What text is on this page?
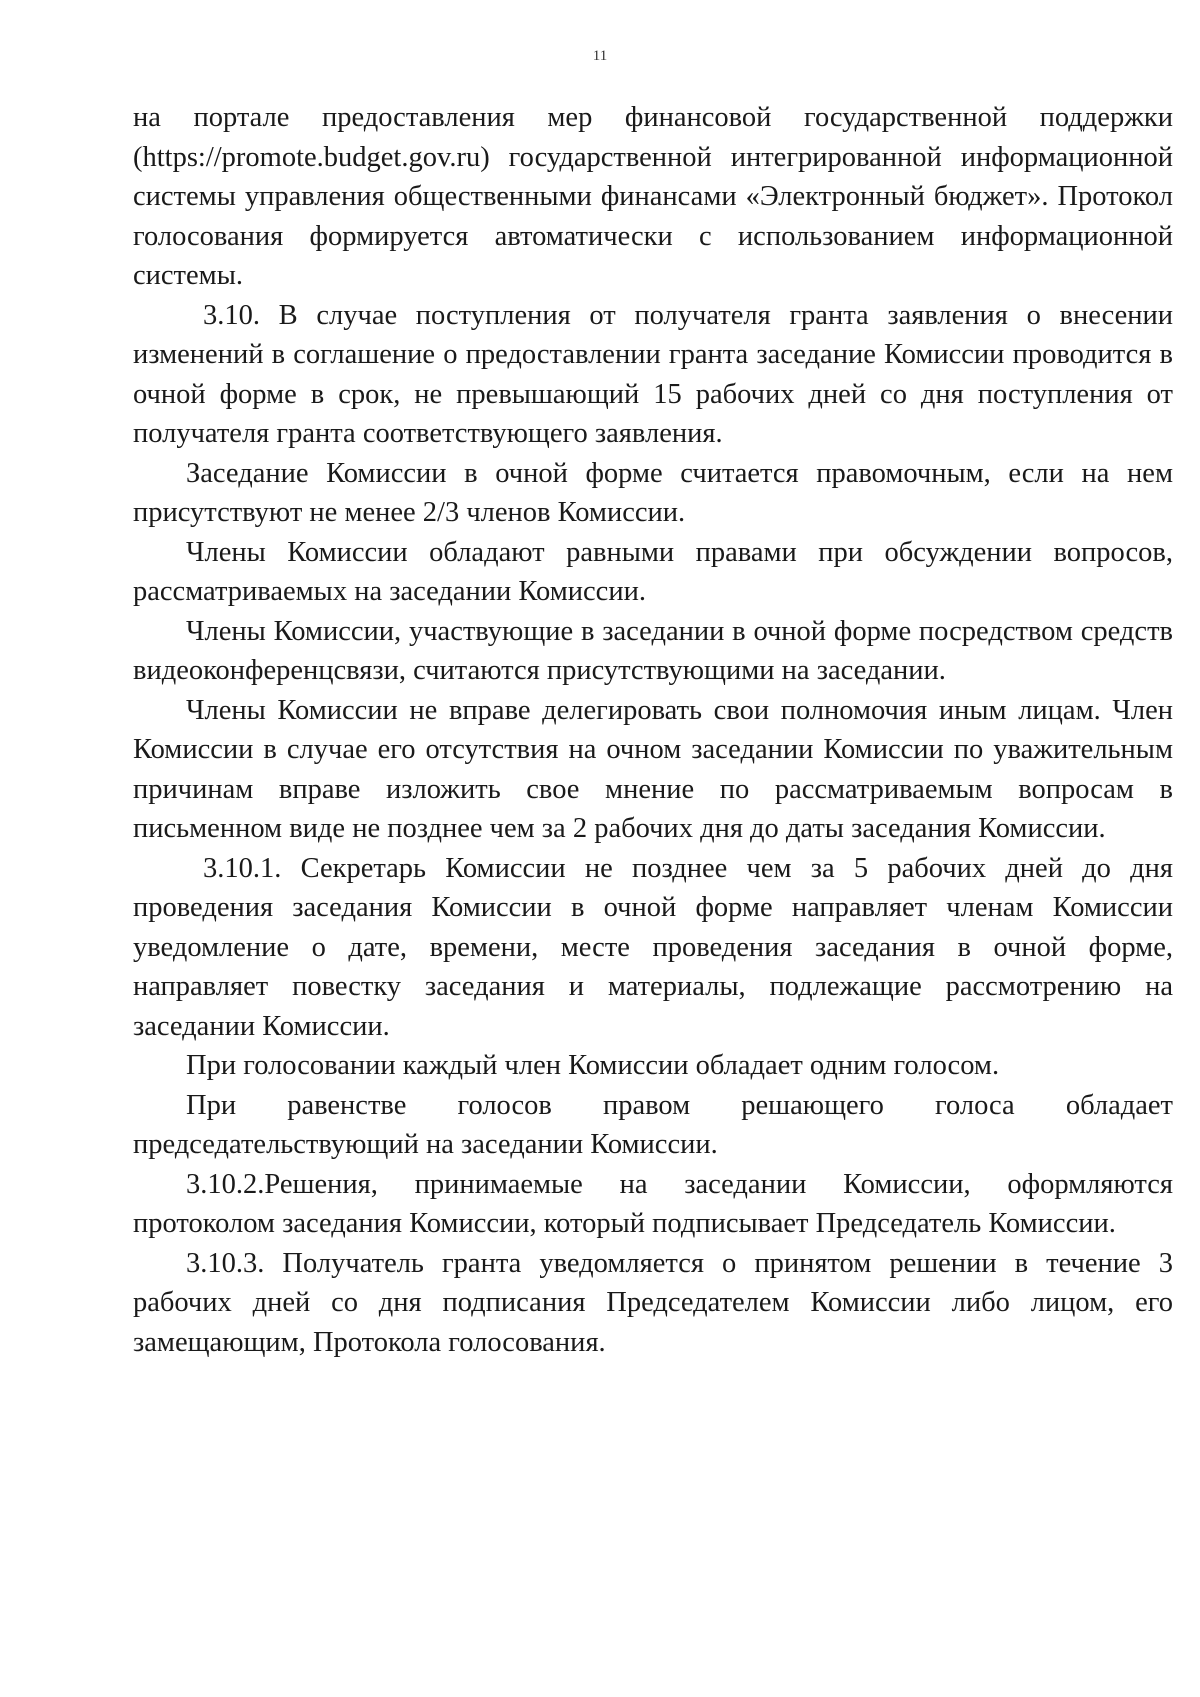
11

на портале предоставления мер финансовой государственной поддержки (https://promote.budget.gov.ru) государственной интегрированной информационной системы управления общественными финансами «Электронный бюджет». Протокол голосования формируется автоматически с использованием информационной системы.

3.10. В случае поступления от получателя гранта заявления о внесении изменений в соглашение о предоставлении гранта заседание Комиссии проводится в очной форме в срок, не превышающий 15 рабочих дней со дня поступления от получателя гранта соответствующего заявления.

Заседание Комиссии в очной форме считается правомочным, если на нем присутствуют не менее 2/3 членов Комиссии.

Члены Комиссии обладают равными правами при обсуждении вопросов, рассматриваемых на заседании Комиссии.

Члены Комиссии, участвующие в заседании в очной форме посредством средств видеоконференцсвязи, считаются присутствующими на заседании.

Члены Комиссии не вправе делегировать свои полномочия иным лицам. Член Комиссии в случае его отсутствия на очном заседании Комиссии по уважительным причинам вправе изложить свое мнение по рассматриваемым вопросам в письменном виде не позднее чем за 2 рабочих дня до даты заседания Комиссии.

3.10.1. Секретарь Комиссии не позднее чем за 5 рабочих дней до дня проведения заседания Комиссии в очной форме направляет членам Комиссии уведомление о дате, времени, месте проведения заседания в очной форме, направляет повестку заседания и материалы, подлежащие рассмотрению на заседании Комиссии.

При голосовании каждый член Комиссии обладает одним голосом.

При равенстве голосов правом решающего голоса обладает председательствующий на заседании Комиссии.

3.10.2.Решения, принимаемые на заседании Комиссии, оформляются протоколом заседания Комиссии, который подписывает Председатель Комиссии.

3.10.3. Получатель гранта уведомляется о принятом решении в течение 3 рабочих дней со дня подписания Председателем Комиссии либо лицом, его замещающим, Протокола голосования.
